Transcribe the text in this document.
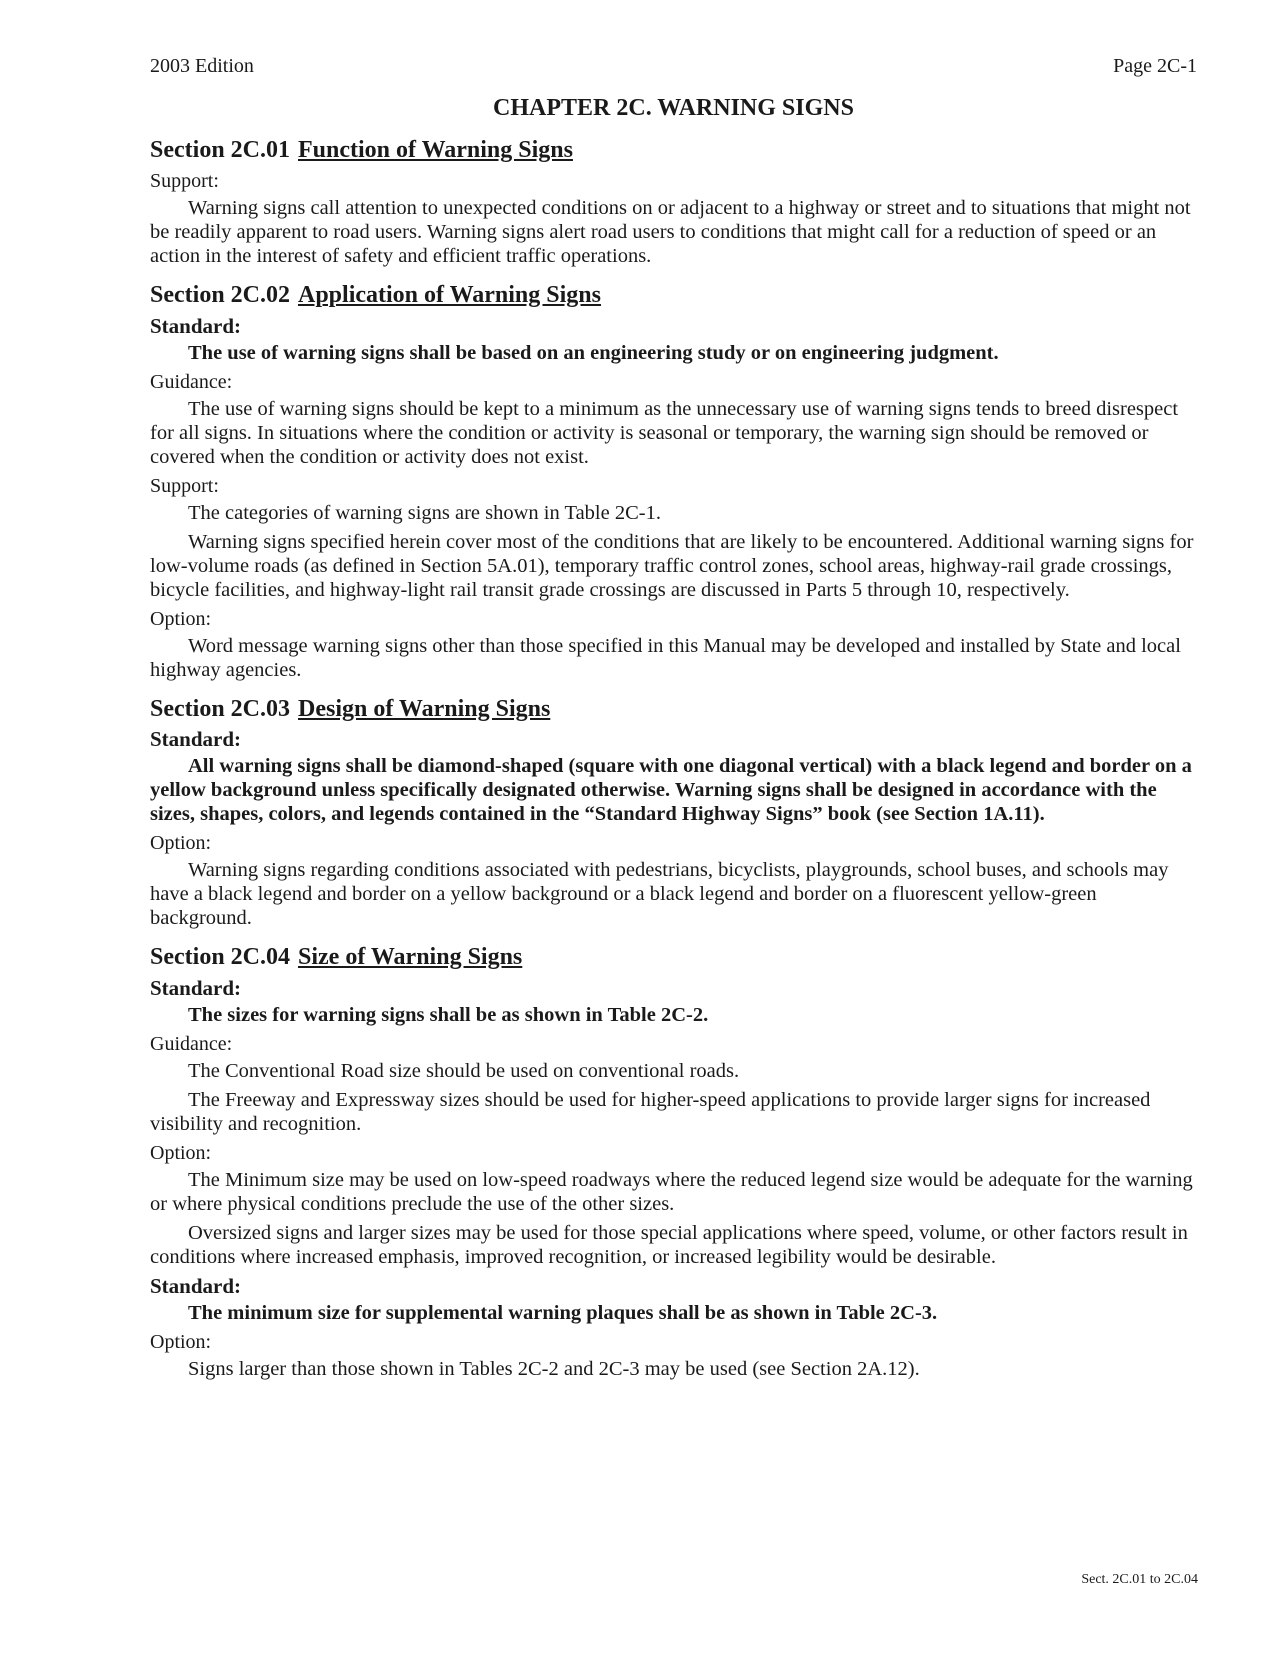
2003 Edition	Page 2C-1
CHAPTER 2C. WARNING SIGNS
Section 2C.01 Function of Warning Signs
Support:
Warning signs call attention to unexpected conditions on or adjacent to a highway or street and to situations that might not be readily apparent to road users. Warning signs alert road users to conditions that might call for a reduction of speed or an action in the interest of safety and efficient traffic operations.
Section 2C.02 Application of Warning Signs
Standard:
The use of warning signs shall be based on an engineering study or on engineering judgment.
Guidance:
The use of warning signs should be kept to a minimum as the unnecessary use of warning signs tends to breed disrespect for all signs. In situations where the condition or activity is seasonal or temporary, the warning sign should be removed or covered when the condition or activity does not exist.
Support:
The categories of warning signs are shown in Table 2C-1.
Warning signs specified herein cover most of the conditions that are likely to be encountered. Additional warning signs for low-volume roads (as defined in Section 5A.01), temporary traffic control zones, school areas, highway-rail grade crossings, bicycle facilities, and highway-light rail transit grade crossings are discussed in Parts 5 through 10, respectively.
Option:
Word message warning signs other than those specified in this Manual may be developed and installed by State and local highway agencies.
Section 2C.03 Design of Warning Signs
Standard:
All warning signs shall be diamond-shaped (square with one diagonal vertical) with a black legend and border on a yellow background unless specifically designated otherwise. Warning signs shall be designed in accordance with the sizes, shapes, colors, and legends contained in the “Standard Highway Signs” book (see Section 1A.11).
Option:
Warning signs regarding conditions associated with pedestrians, bicyclists, playgrounds, school buses, and schools may have a black legend and border on a yellow background or a black legend and border on a fluorescent yellow-green background.
Section 2C.04 Size of Warning Signs
Standard:
The sizes for warning signs shall be as shown in Table 2C-2.
Guidance:
The Conventional Road size should be used on conventional roads.
The Freeway and Expressway sizes should be used for higher-speed applications to provide larger signs for increased visibility and recognition.
Option:
The Minimum size may be used on low-speed roadways where the reduced legend size would be adequate for the warning or where physical conditions preclude the use of the other sizes.
Oversized signs and larger sizes may be used for those special applications where speed, volume, or other factors result in conditions where increased emphasis, improved recognition, or increased legibility would be desirable.
Standard:
The minimum size for supplemental warning plaques shall be as shown in Table 2C-3.
Option:
Signs larger than those shown in Tables 2C-2 and 2C-3 may be used (see Section 2A.12).
Sect. 2C.01 to 2C.04
